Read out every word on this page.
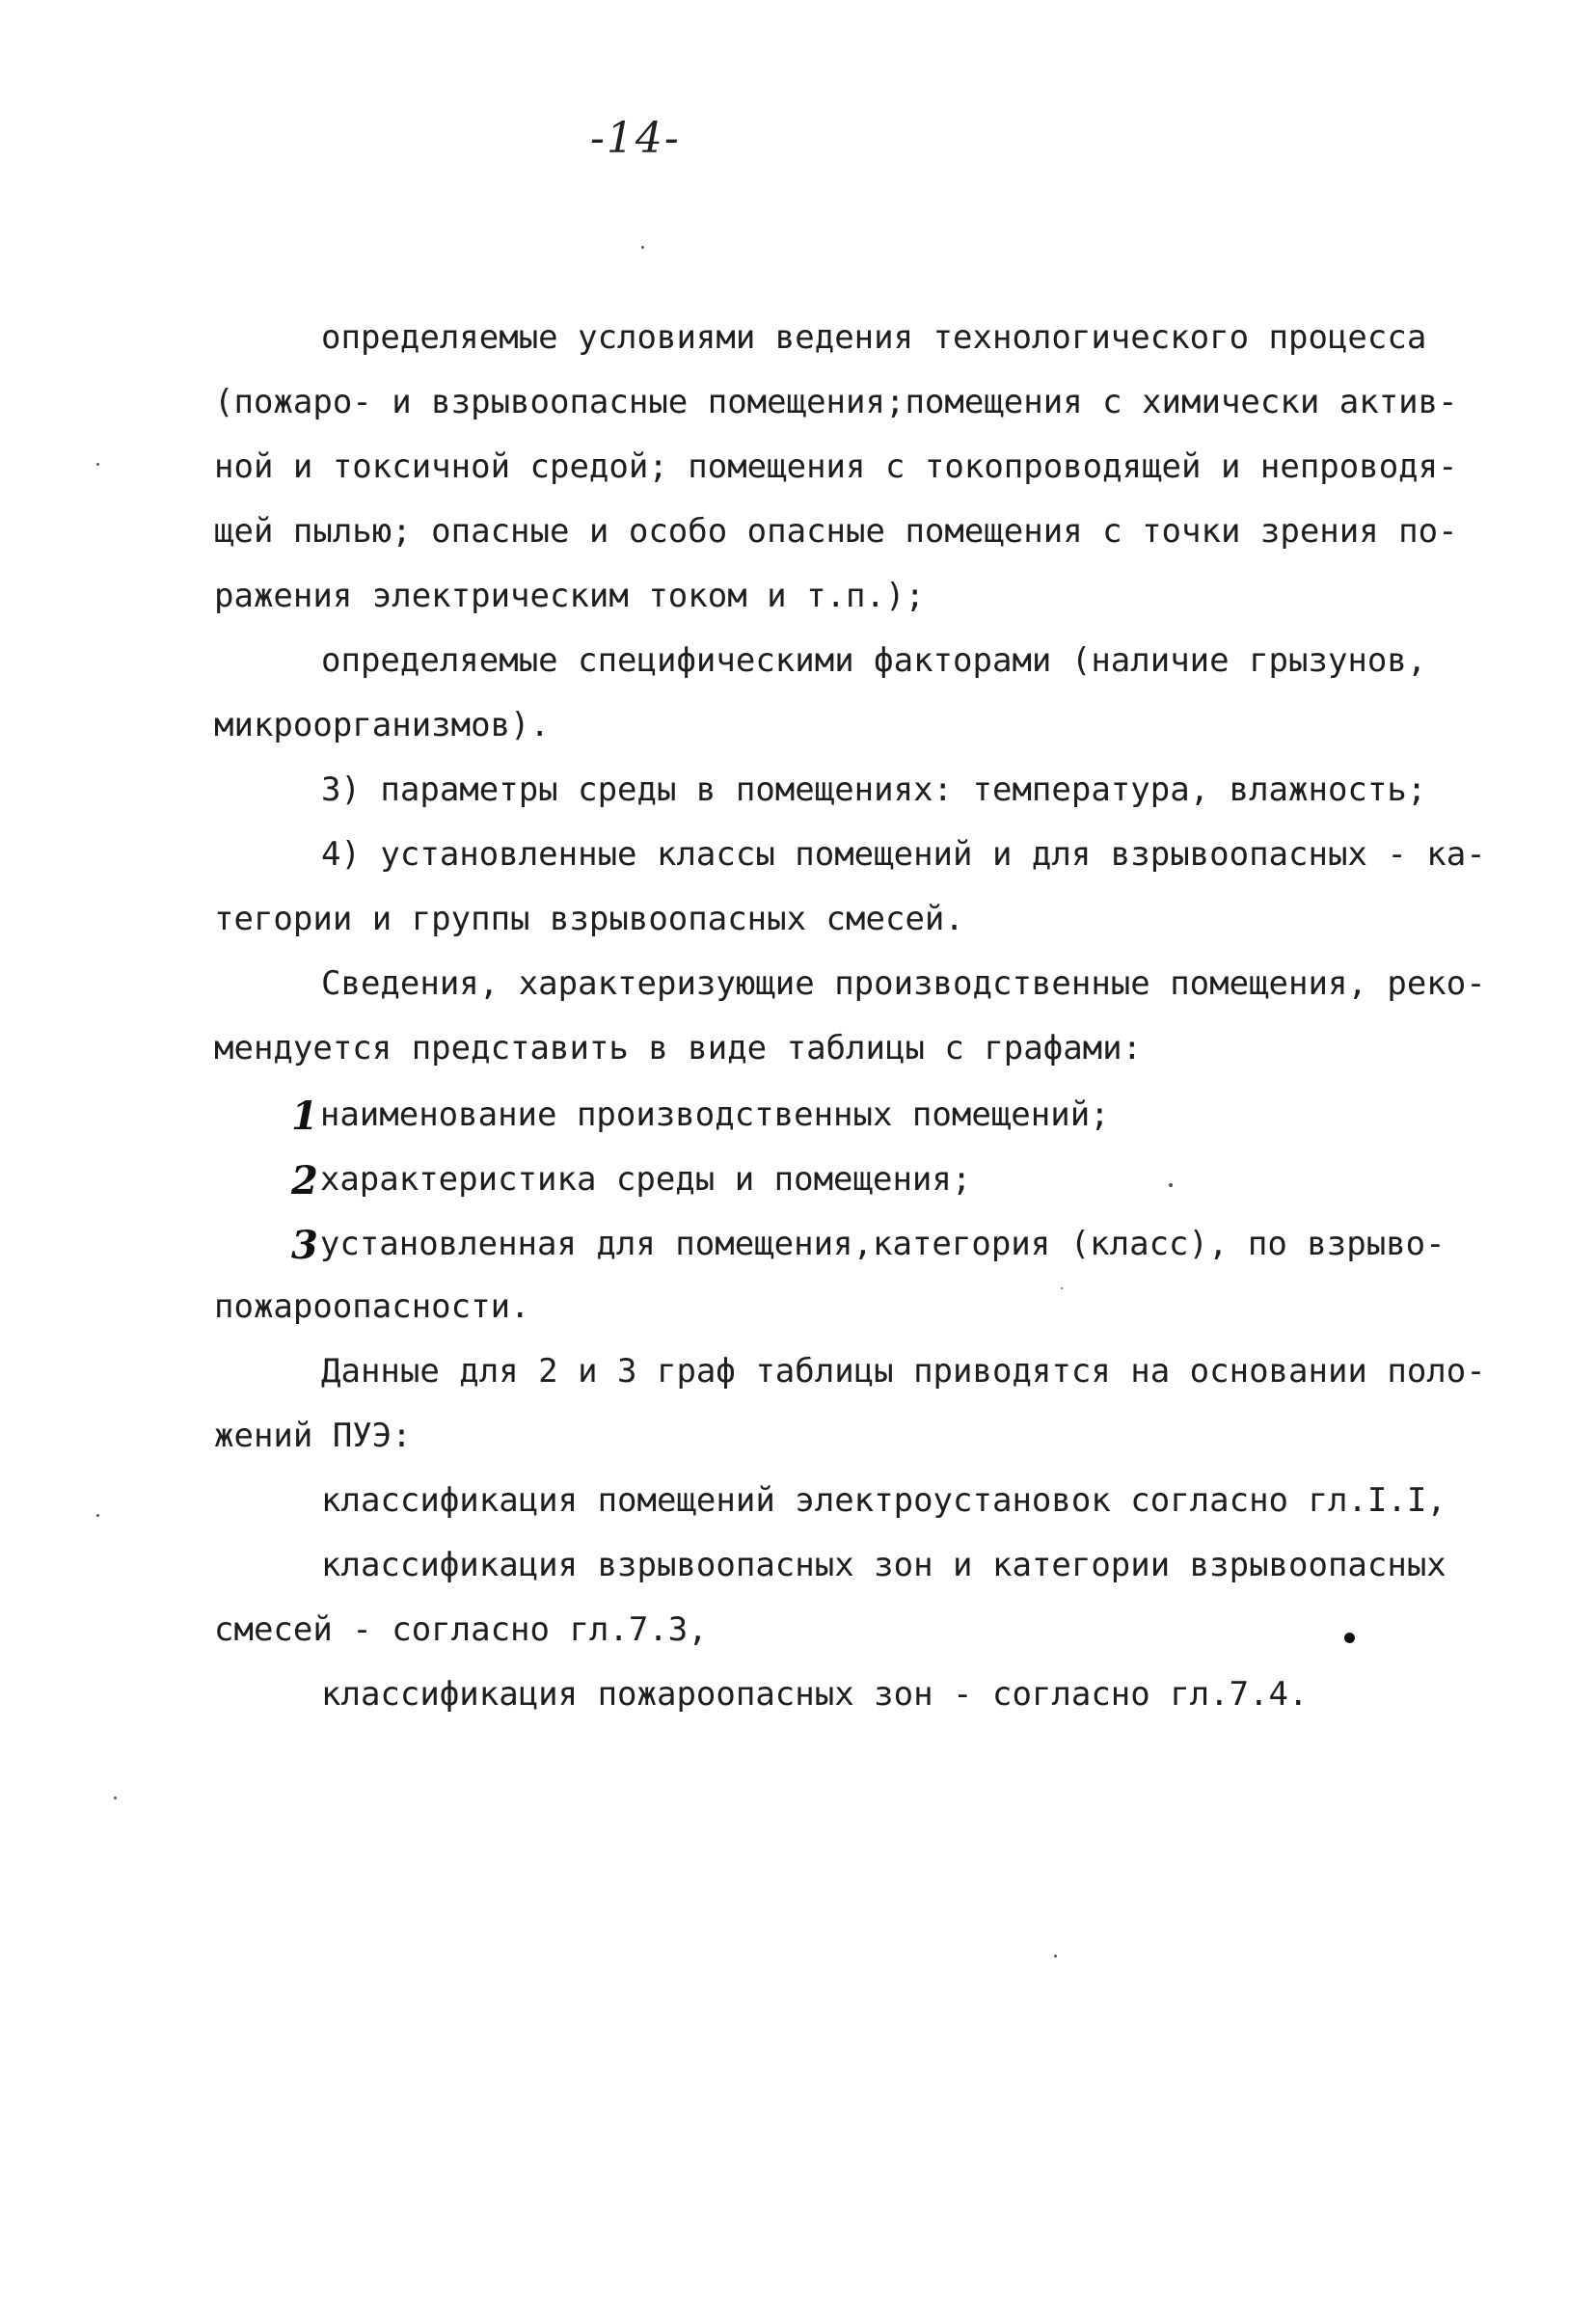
-14-
определяемые условиями ведения технологического процесса
(пожаро- и взрывоопасные помещения;помещения с химически актив-
ной и токсичной средой; помещения с токопроводящей и непроводя-
щей пылью; опасные и особо опасные помещения с точки зрения по-
ражения электрическим током и т.п.);
определяемые специфическими факторами (наличие грызунов,
микроорганизмов).
3) параметры среды в помещениях: температура, влажность;
4) установленные классы помещений и для взрывоопасных - ка-
тегории и группы взрывоопасных смесей.
Сведения, характеризующие производственные помещения, реко-
мендуется представить в виде таблицы с графами:
1наименование производственных помещений;
2характеристика среды и помещения;
3установленная для помещения,категория (класс), по взрыво-
пожароопасности.
Данные для 2 и 3 граф таблицы приводятся на основании поло-
жений ПУЭ:
классификация помещений электроустановок согласно гл.I.I,
классификация взрывоопасных зон и категории взрывоопасных
смесей - согласно гл.7.3,
классификация пожароопасных зон - согласно гл.7.4.
